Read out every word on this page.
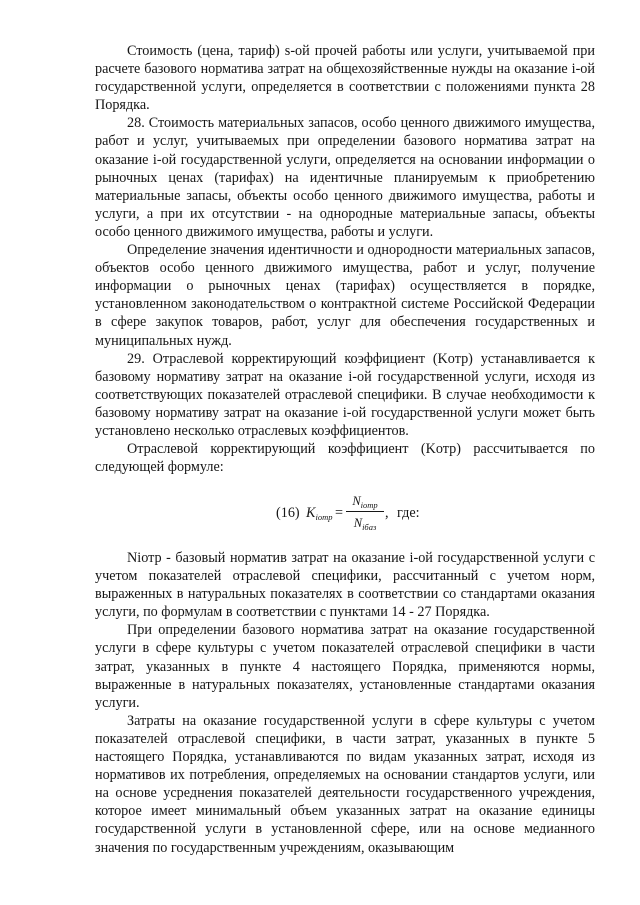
Стоимость (цена, тариф) s-ой прочей работы или услуги, учитываемой при расчете базового норматива затрат на общехозяйственные нужды на оказание i-ой государственной услуги, определяется в соответствии с положениями пункта 28 Порядка.

28. Стоимость материальных запасов, особо ценного движимого имущества, работ и услуг, учитываемых при определении базового норматива затрат на оказание i-ой государственной услуги, определяется на основании информации о рыночных ценах (тарифах) на идентичные планируемым к приобретению материальные запасы, объекты особо ценного движимого имущества, работы и услуги, а при их отсутствии - на однородные материальные запасы, объекты особо ценного движимого имущества, работы и услуги.

Определение значения идентичности и однородности материальных запасов, объектов особо ценного движимого имущества, работ и услуг, получение информации о рыночных ценах (тарифах) осуществляется в порядке, установленном законодательством о контрактной системе Российской Федерации в сфере закупок товаров, работ, услуг для обеспечения государственных и муниципальных нужд.

29. Отраслевой корректирующий коэффициент (Kотр) устанавливается к базовому нормативу затрат на оказание i-ой государственной услуги, исходя из соответствующих показателей отраслевой специфики. В случае необходимости к базовому нормативу затрат на оказание i-ой государственной услуги может быть установлено несколько отраслевых коэффициентов.

Отраслевой корректирующий коэффициент (Kотр) рассчитывается по следующей формуле:

(16) $K_{iотр}$ =
$N_{iотр}$
$N_{iбаз}$
, где:

Niотр - базовый норматив затрат на оказание i-ой государственной услуги с учетом показателей отраслевой специфики, рассчитанный с учетом норм, выраженных в натуральных показателях в соответствии со стандартами оказания услуги, по формулам в соответствии с пунктами 14 - 27 Порядка.

При определении базового норматива затрат на оказание государственной услуги в сфере культуры с учетом показателей отраслевой специфики в части затрат, указанных в пункте 4 настоящего Порядка, применяются нормы, выраженные в натуральных показателях, установленные стандартами оказания услуги.

Затраты на оказание государственной услуги в сфере культуры с учетом показателей отраслевой специфики, в части затрат, указанных в пункте 5 настоящего Порядка, устанавливаются по видам указанных затрат, исходя из нормативов их потребления, определяемых на основании стандартов услуги, или на основе усреднения показателей деятельности государственного учреждения, которое имеет минимальный объем указанных затрат на оказание единицы государственной услуги в установленной сфере, или на основе медианного значения по государственным учреждениям, оказывающим
